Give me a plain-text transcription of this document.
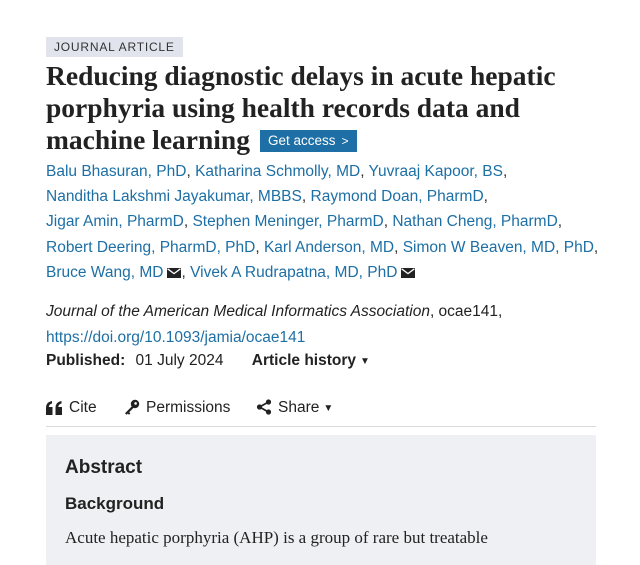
JOURNAL ARTICLE
Reducing diagnostic delays in acute hepatic porphyria using health records data and machine learning Get access >
Balu Bhasuran, PhD, Katharina Schmolly, MD, Yuvraaj Kapoor, BS,
Nanditha Lakshmi Jayakumar, MBBS, Raymond Doan, PharmD,
Jigar Amin, PharmD, Stephen Meninger, PharmD, Nathan Cheng, PharmD,
Robert Deering, PharmD, PhD, Karl Anderson, MD, Simon W Beaven, MD, PhD,
Bruce Wang, MD , Vivek A Rudrapatna, MD, PhD
Journal of the American Medical Informatics Association, ocae141,
https://doi.org/10.1093/jamia/ocae141
Published: 01 July 2024 Article history ▼
Cite	Permissions	Share ▼
Abstract
Background

Acute hepatic porphyria (AHP) is a group of rare but treatable
